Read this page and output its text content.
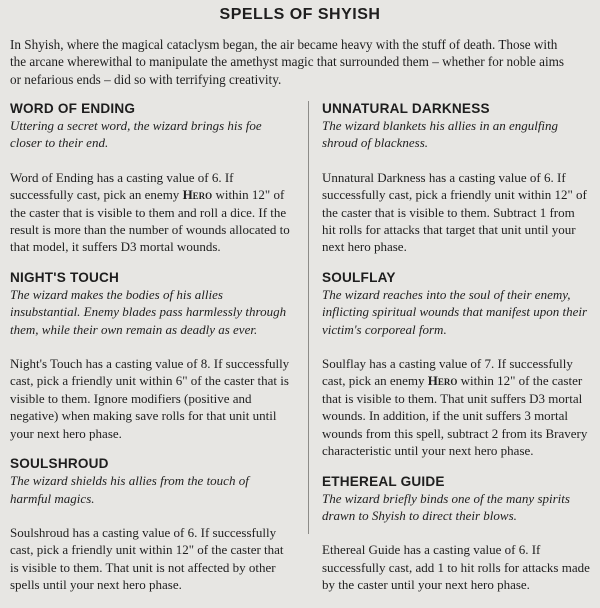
SPELLS OF SHYISH
In Shyish, where the magical cataclysm began, the air became heavy with the stuff of death. Those with the arcane wherewithal to manipulate the amethyst magic that surrounded them – whether for noble aims or nefarious ends – did so with terrifying creativity.

WORD OF ENDING

Uttering a secret word, the wizard brings his foe closer to their end.

Word of Ending has a casting value of 6. If successfully cast, pick an enemy Hero within 12" of the caster that is visible to them and roll a dice. If the result is more than the number of wounds allocated to that model, it suffers D3 mortal wounds.

NIGHT'S TOUCH

The wizard makes the bodies of his allies insubstantial. Enemy blades pass harmlessly through them, while their own remain as deadly as ever.

Night's Touch has a casting value of 8. If successfully cast, pick a friendly unit within 6" of the caster that is visible to them. Ignore modifiers (positive and negative) when making save rolls for that unit until your next hero phase.

SOULSHROUD

The wizard shields his allies from the touch of harmful magics.

Soulshroud has a casting value of 6. If successfully cast, pick a friendly unit within 12" of the caster that is visible to them. That unit is not affected by other spells until your next hero phase.

UNNATURAL DARKNESS

The wizard blankets his allies in an engulfing shroud of blackness.

Unnatural Darkness has a casting value of 6. If successfully cast, pick a friendly unit within 12" of the caster that is visible to them. Subtract 1 from hit rolls for attacks that target that unit until your next hero phase.

SOULFLAY

The wizard reaches into the soul of their enemy, inflicting spiritual wounds that manifest upon their victim's corporeal form.

Soulflay has a casting value of 7. If successfully cast, pick an enemy Hero within 12" of the caster that is visible to them. That unit suffers D3 mortal wounds. In addition, if the unit suffers 3 mortal wounds from this spell, subtract 2 from its Bravery characteristic until your next hero phase.

ETHEREAL GUIDE

The wizard briefly binds one of the many spirits drawn to Shyish to direct their blows.

Ethereal Guide has a casting value of 6. If successfully cast, add 1 to hit rolls for attacks made by the caster until your next hero phase.
